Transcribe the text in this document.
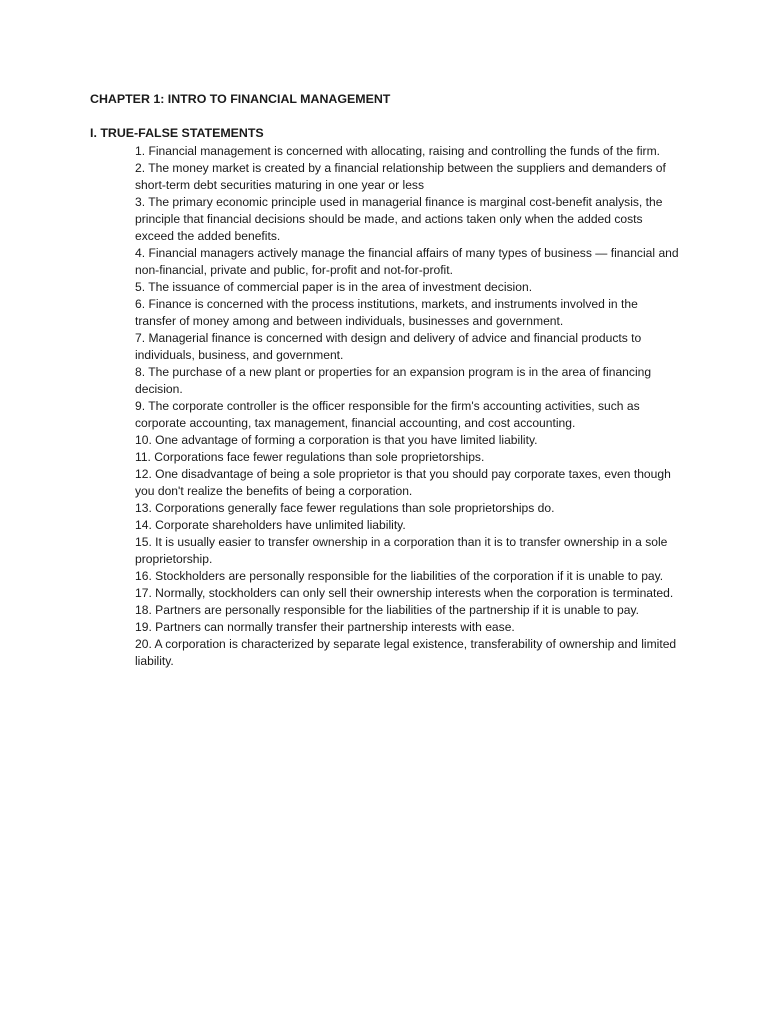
CHAPTER 1: INTRO TO FINANCIAL MANAGEMENT
I. TRUE-FALSE STATEMENTS
1. Financial management is concerned with allocating, raising and controlling the funds of the firm.
2. The money market is created by a financial relationship between the suppliers and demanders of short-term debt securities maturing in one year or less
3. The primary economic principle used in managerial finance is marginal cost-benefit analysis, the principle that financial decisions should be made, and actions taken only when the added costs exceed the added benefits.
4. Financial managers actively manage the financial affairs of many types of business — financial and non-financial, private and public, for-profit and not-for-profit.
5. The issuance of commercial paper is in the area of investment decision.
6. Finance is concerned with the process institutions, markets, and instruments involved in the transfer of money among and between individuals, businesses and government.
7. Managerial finance is concerned with design and delivery of advice and financial products to individuals, business, and government.
8. The purchase of a new plant or properties for an expansion program is in the area of financing decision.
9. The corporate controller is the officer responsible for the firm's accounting activities, such as corporate accounting, tax management, financial accounting, and cost accounting.
10. One advantage of forming a corporation is that you have limited liability.
11. Corporations face fewer regulations than sole proprietorships.
12. One disadvantage of being a sole proprietor is that you should pay corporate taxes, even though you don't realize the benefits of being a corporation.
13. Corporations generally face fewer regulations than sole proprietorships do.
14. Corporate shareholders have unlimited liability.
15. It is usually easier to transfer ownership in a corporation than it is to transfer ownership in a sole proprietorship.
16. Stockholders are personally responsible for the liabilities of the corporation if it is unable to pay.
17. Normally, stockholders can only sell their ownership interests when the corporation is terminated.
18. Partners are personally responsible for the liabilities of the partnership if it is unable to pay.
19. Partners can normally transfer their partnership interests with ease.
20. A corporation is characterized by separate legal existence, transferability of ownership and limited liability.
